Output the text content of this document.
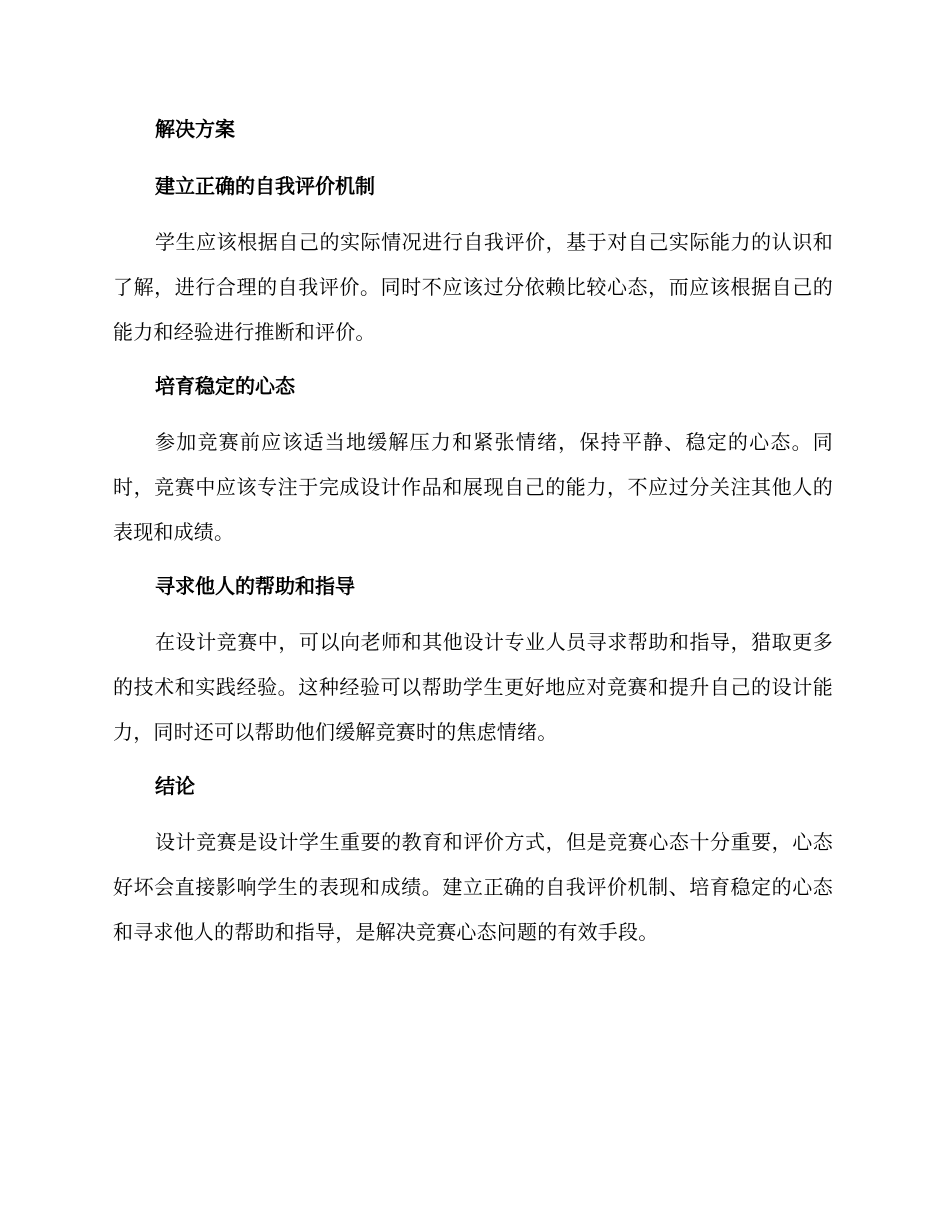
解决方案
建立正确的自我评价机制

学生应该根据自己的实际情况进行自我评价，基于对自己实际能力的认识和了解，进行合理的自我评价。同时不应该过分依赖比较心态，而应该根据自己的能力和经验进行推断和评价。

培育稳定的心态

参加竞赛前应该适当地缓解压力和紧张情绪，保持平静、稳定的心态。同时，竞赛中应该专注于完成设计作品和展现自己的能力，不应过分关注其他人的表现和成绩。

寻求他人的帮助和指导

在设计竞赛中，可以向老师和其他设计专业人员寻求帮助和指导，猎取更多的技术和实践经验。这种经验可以帮助学生更好地应对竞赛和提升自己的设计能力，同时还可以帮助他们缓解竞赛时的焦虑情绪。

结论

设计竞赛是设计学生重要的教育和评价方式，但是竞赛心态十分重要，心态好坏会直接影响学生的表现和成绩。建立正确的自我评价机制、培育稳定的心态和寻求他人的帮助和指导，是解决竞赛心态问题的有效手段。
